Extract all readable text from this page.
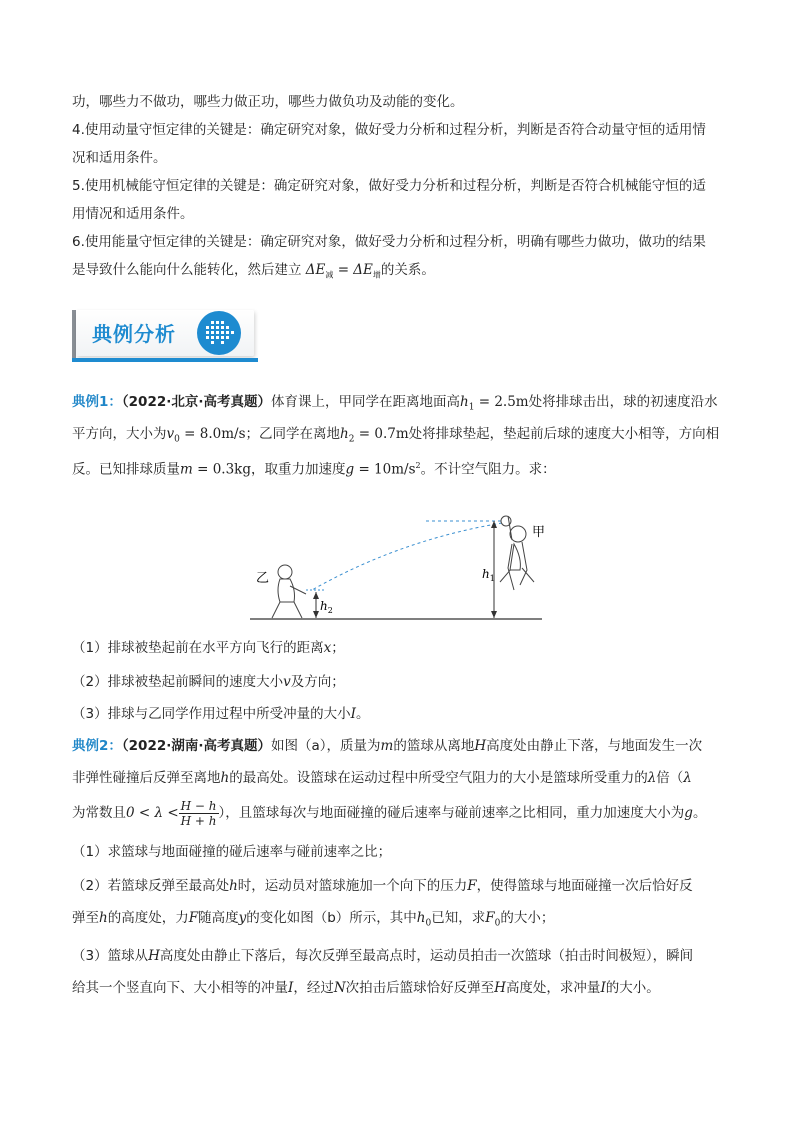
功，哪些力不做功，哪些力做正功，哪些力做负功及动能的变化。
4.使用动量守恒定律的关键是：确定研究对象，做好受力分析和过程分析，判断是否符合动量守恒的适用情
况和适用条件。
5.使用机械能守恒定律的关键是：确定研究对象，做好受力分析和过程分析，判断是否符合机械能守恒的适
用情况和适用条件。
6.使用能量守恒定律的关键是：确定研究对象，做好受力分析和过程分析，明确有哪些力做功，做功的结果
是导致什么能向什么能转化，然后建立 $\Delta E_减 = \Delta E_增$的关系。
典例分析
典例1：（2022·北京·高考真题）体育课上，甲同学在距离地面高$h_1 = 2.5m$处将排球击出，球的初速度沿水
平方向，大小为$v_0 = 8.0m/s$；乙同学在离地$h_2 = 0.7m$处将排球垫起，垫起前后球的速度大小相等，方向相
反。已知排球质量m = 0.3kg，取重力加速度$g = 10m/s^2$。不计空气阻力。求：
$h_1$
甲
乙
$h_2$
（1）排球被垫起前在水平方向飞行的距离x；
（2）排球被垫起前瞬间的速度大小v及方向；
（3）排球与乙同学作用过程中所受冲量的大小I。
典例2：（2022·湖南·高考真题）如图（a），质量为m的篮球从离地H高度处由静止下落，与地面发生一次
非弹性碰撞后反弹至离地h的最高处。设篮球在运动过程中所受空气阻力的大小是篮球所受重力的λ倍（λ
为常数且$0 < \lambda < \frac{H - h}{H + h}$ ），且篮球每次与地面碰撞的碰后速率与碰前速率之比相同，重力加速度大小为g。
（1）求篮球与地面碰撞的碰后速率与碰前速率之比；
（2）若篮球反弹至最高处h时，运动员对篮球施加一个向下的压力F，使得篮球与地面碰撞一次后恰好反
弹至h的高度处，力F随高度y的变化如图（b）所示，其中$h_0$已知，求$F_0$的大小；
（3）篮球从H高度处由静止下落后，每次反弹至最高点时，运动员拍击一次篮球（拍击时间极短），瞬间
给其一个竖直向下、大小相等的冲量I，经过N次拍击后篮球恰好反弹至H高度处，求冲量I的大小。
